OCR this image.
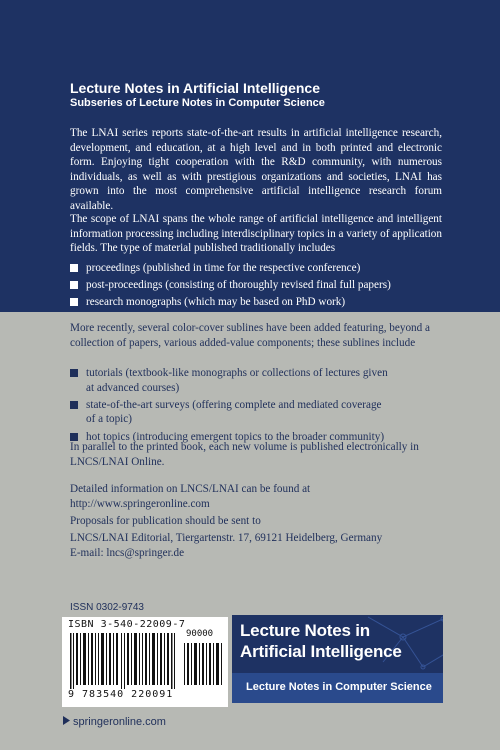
Lecture Notes in Artificial Intelligence
Subseries of Lecture Notes in Computer Science

The LNAI series reports state-of-the-art results in artificial intelligence research, development, and education, at a high level and in both printed and electronic form. Enjoying tight cooperation with the R&D community, with numerous individuals, as well as with prestigious organizations and societies, LNAI has grown into the most comprehensive artificial intelligence research forum available.

The scope of LNAI spans the whole range of artificial intelligence and intelligent information processing including interdisciplinary topics in a variety of application fields. The type of material published traditionally includes

proceedings (published in time for the respective conference)
post-proceedings (consisting of thoroughly revised final full papers)
research monographs (which may be based on PhD work)

More recently, several color-cover sublines have been added featuring, beyond a collection of papers, various added-value components; these sublines include

tutorials (textbook-like monographs or collections of lectures given
at advanced courses)
state-of-the-art surveys (offering complete and mediated coverage
of a topic)
hot topics (introducing emergent topics to the broader community)

In parallel to the printed book, each new volume is published electronically in LNCS/LNAI Online.

Detailed information on LNCS/LNAI can be found at
http://www.springeronline.com
Proposals for publication should be sent to
LNCS/LNAI Editorial, Tiergartenstr. 17, 69121 Heidelberg, Germany
E-mail: lncs@springer.de
ISSN 0302-9743
ISBN 3-540-22009-7
90000
9 783540 220091
springeronline.com
Lecture Notes in
Artificial Intelligence
Lecture Notes in Computer Science
